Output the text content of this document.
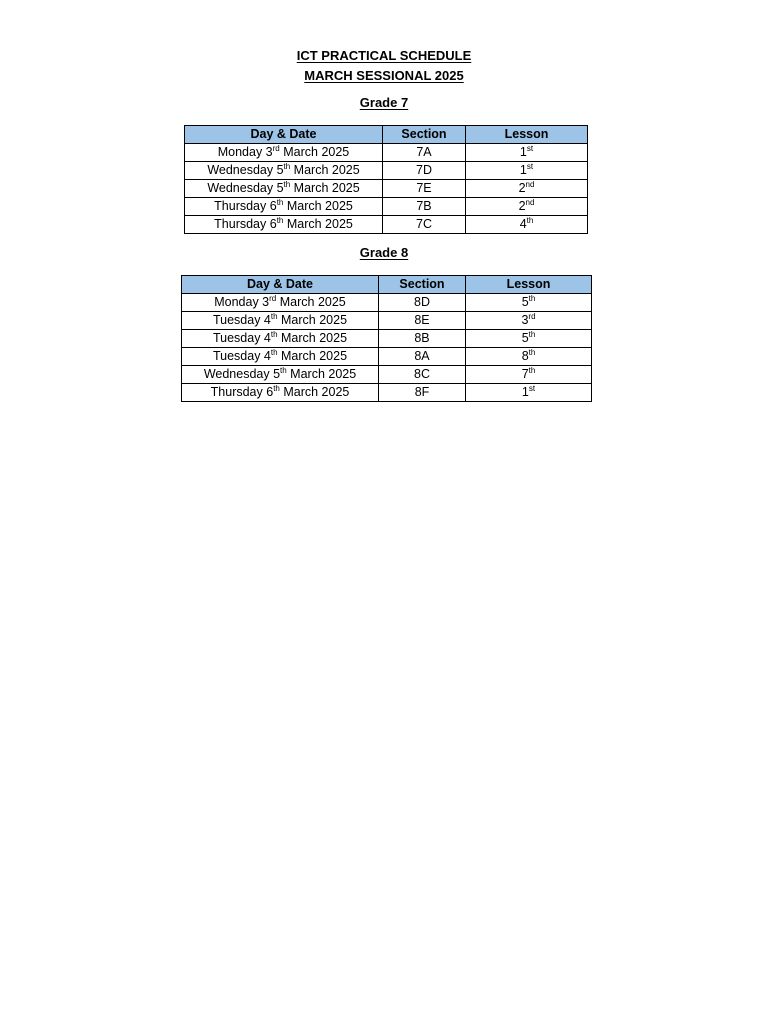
ICT PRACTICAL SCHEDULE
MARCH SESSIONAL 2025
Grade 7
Day & Date	Section	Lesson
Monday 3rd March 2025	7A	1st
Wednesday 5th March 2025	7D	1st
Wednesday 5th March 2025	7E	2nd
Thursday 6th March 2025	7B	2nd
Thursday 6th March 2025	7C	4th
Grade 8
Day & Date	Section	Lesson
Monday 3rd March 2025	8D	5th
Tuesday 4th March 2025	8E	3rd
Tuesday 4th March 2025	8B	5th
Tuesday 4th March 2025	8A	8th
Wednesday 5th March 2025	8C	7th
Thursday 6th March 2025	8F	1st
